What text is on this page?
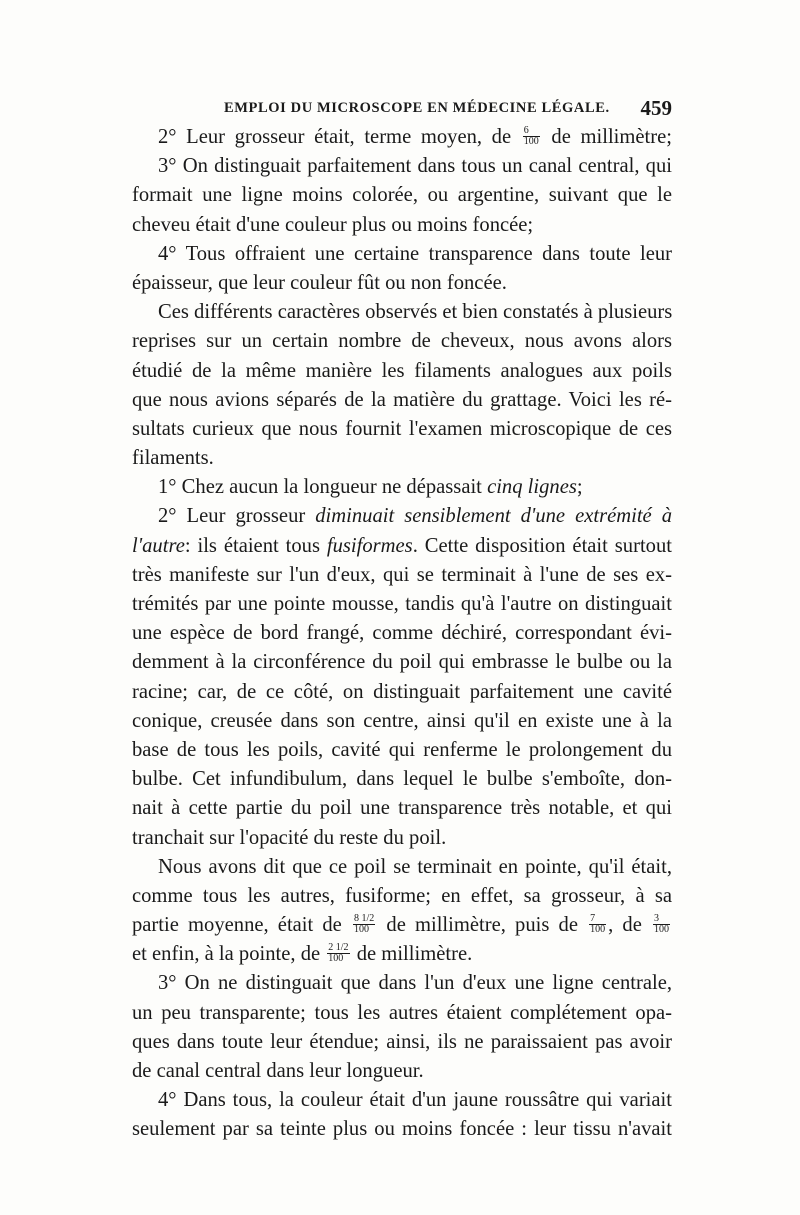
EMPLOI DU MICROSCOPE EN MÉDECINE LÉGALE. 459
2° Leur grosseur était, terme moyen, de $\frac{6}{100}$ de millimètre;
3° On distinguait parfaitement dans tous un canal central, qui
formait une ligne moins colorée, ou argentine, suivant que le
cheveu était d'une couleur plus ou moins foncée;
4° Tous offraient une certaine transparence dans toute leur
épaisseur, que leur couleur fût ou non foncée.
Ces différents caractères observés et bien constatés à plusieurs
reprises sur un certain nombre de cheveux, nous avons alors
étudié de la même manière les filaments analogues aux poils
que nous avions séparés de la matière du grattage. Voici les ré-
sultats curieux que nous fournit l'examen microscopique de ces
filaments.
1° Chez aucun la longueur ne dépassait cinq lignes;
2° Leur grosseur diminuait sensiblement d'une extrémité à
l'autre: ils étaient tous fusiformes. Cette disposition était surtout
très manifeste sur l'un d'eux, qui se terminait à l'une de ses ex-
trémités par une pointe mousse, tandis qu'à l'autre on distinguait
une espèce de bord frangé, comme déchiré, correspondant évi-
demment à la circonférence du poil qui embrasse le bulbe ou la
racine; car, de ce côté, on distinguait parfaitement une cavité
conique, creusée dans son centre, ainsi qu'il en existe une à la
base de tous les poils, cavité qui renferme le prolongement du
bulbe. Cet infundibulum, dans lequel le bulbe s'emboîte, don-
nait à cette partie du poil une transparence très notable, et qui
tranchait sur l'opacité du reste du poil.
Nous avons dit que ce poil se terminait en pointe, qu'il était,
comme tous les autres, fusiforme; en effet, sa grosseur, à sa
partie moyenne, était de $\frac{8 1/2}{100}$ de millimètre, puis de $\frac{7}{100}$ , de $\frac{3}{100}$
et enfin, à la pointe, de $\frac{2 1/2}{100}$ de millimètre.
3° On ne distinguait que dans l'un d'eux une ligne centrale,
un peu transparente; tous les autres étaient complétement opa-
ques dans toute leur étendue; ainsi, ils ne paraissaient pas avoir
de canal central dans leur longueur.
4° Dans tous, la couleur était d'un jaune roussâtre qui variait
seulement par sa teinte plus ou moins foncée : leur tissu n'avait
